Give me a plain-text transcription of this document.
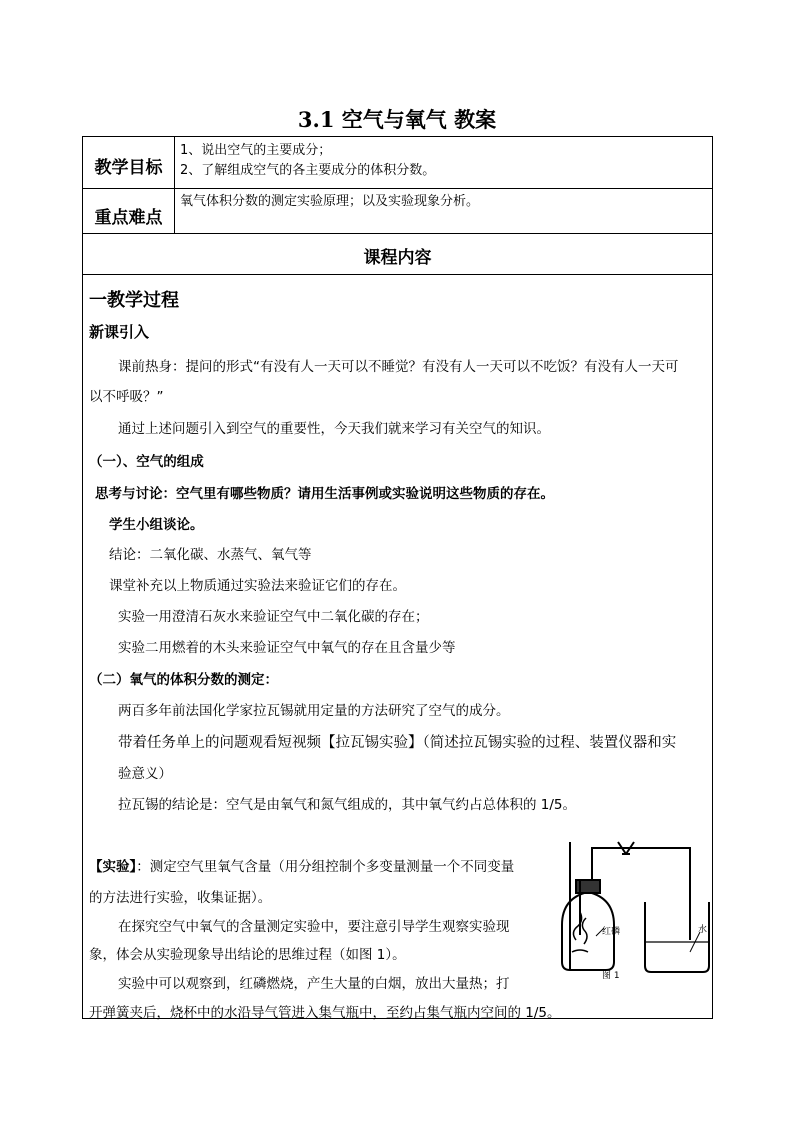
3.1 空气与氧气 教案
教学目标
1、说出空气的主要成分；
2、了解组成空气的各主要成分的体积分数。
重点难点
氧气体积分数的测定实验原理；以及实验现象分析。
课程内容
一教学过程
新课引入
课前热身：提问的形式“有没有人一天可以不睡觉？有没有人一天可以不吃饭？有没有人一天可
以不呼吸？”
通过上述问题引入到空气的重要性，今天我们就来学习有关空气的知识。
（一）、空气的组成
思考与讨论：空气里有哪些物质？请用生活事例或实验说明这些物质的存在。
学生小组谈论。
结论：二氧化碳、水蒸气、氧气等
课堂补充以上物质通过实验法来验证它们的存在。
实验一用澄清石灰水来验证空气中二氧化碳的存在；
实验二用燃着的木头来验证空气中氧气的存在且含量少等
（二）氧气的体积分数的测定：
两百多年前法国化学家拉瓦锡就用定量的方法研究了空气的成分。
带着任务单上的问题观看短视频【拉瓦锡实验】（简述拉瓦锡实验的过程、装置仪器和实
验意义）
拉瓦锡的结论是：空气是由氧气和氮气组成的，其中氧气约占总体积的 1/5。
【实验】：测定空气里氧气含量（用分组控制个多变量测量一个不同变量
的方法进行实验，收集证据）。
在探究空气中氧气的含量测定实验中，要注意引导学生观察实验现
象，体会从实验现象导出结论的思维过程（如图 1）。
实验中可以观察到，红磷燃烧，产生大量的白烟，放出大量热；打
开弹簧夹后，烧杯中的水沿导气管进入集气瓶中，至约占集气瓶内空间的 1/5。
红磷	水
图 1
